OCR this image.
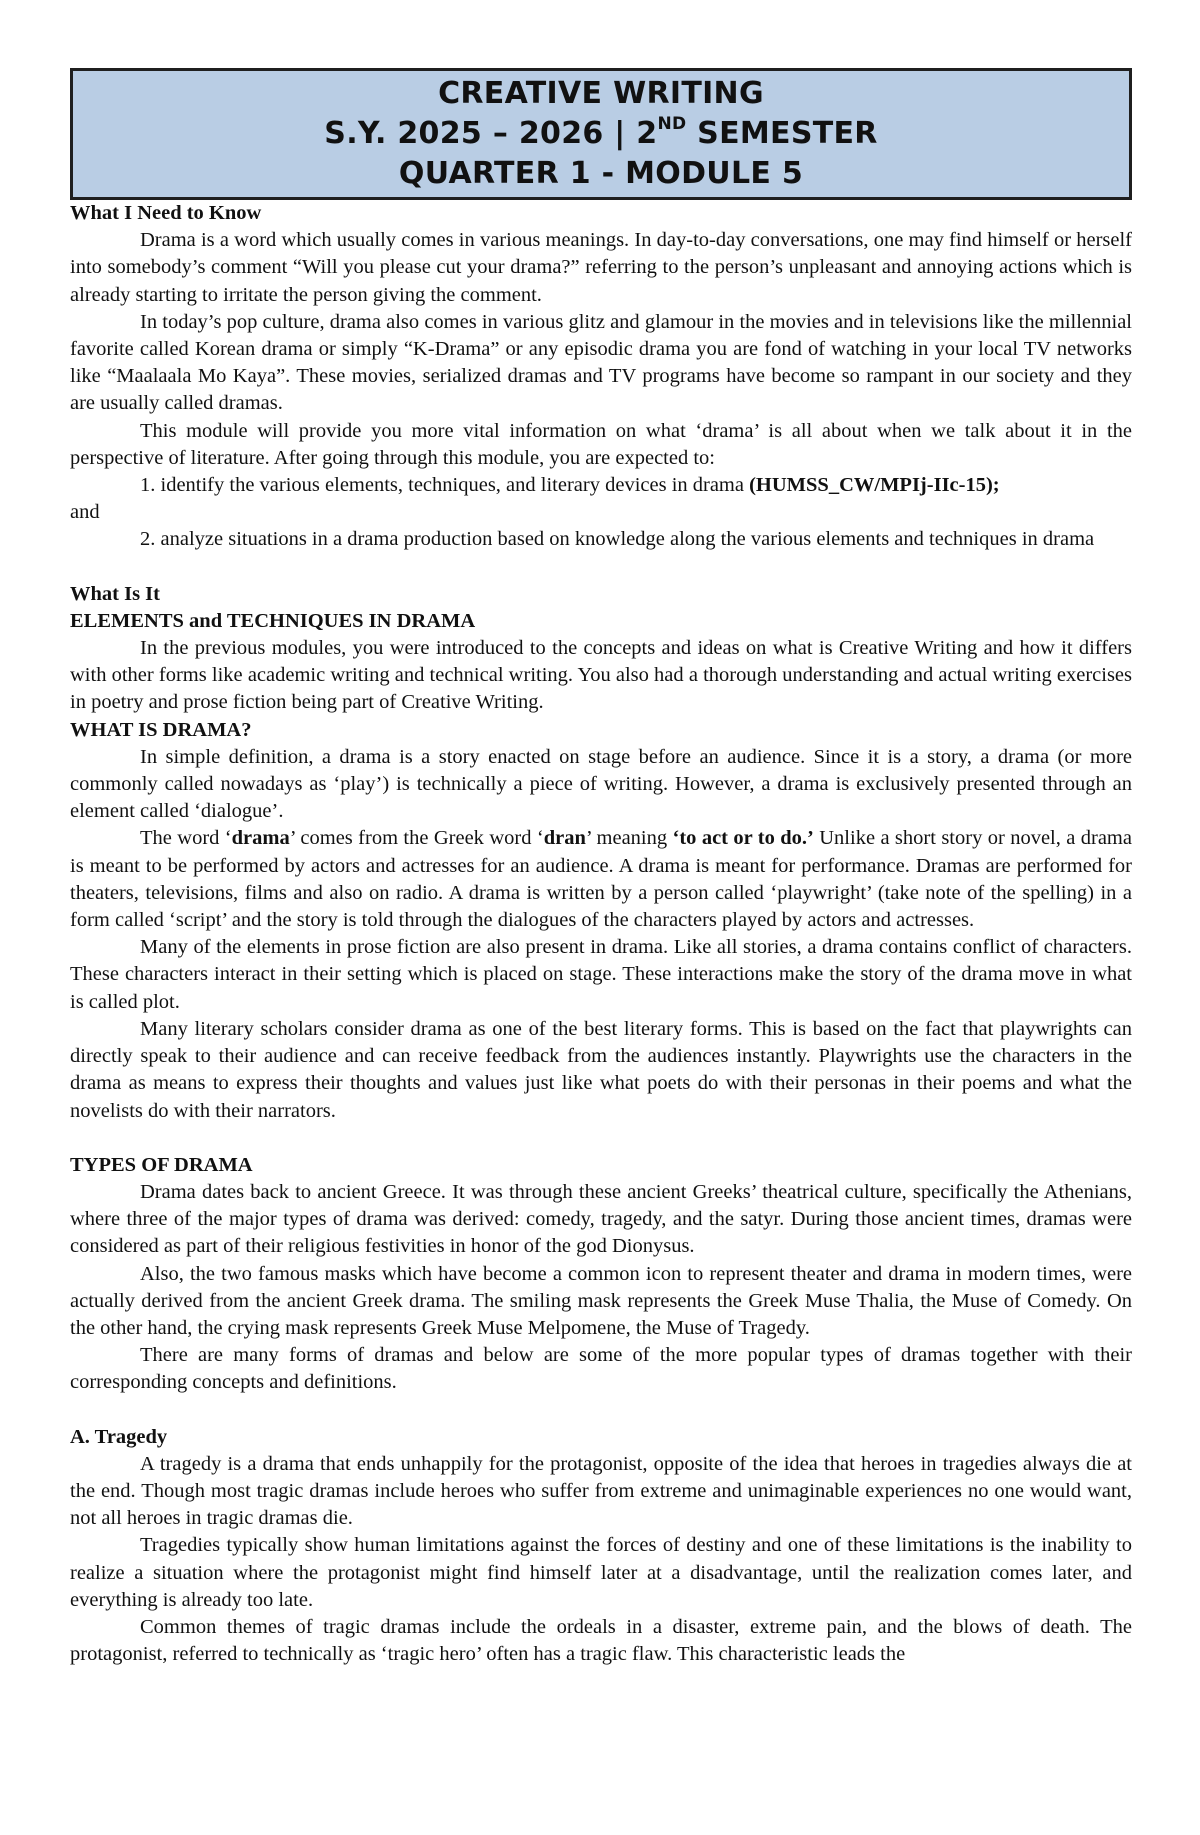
CREATIVE WRITING
S.Y. 2025 – 2026 | 2ND SEMESTER
QUARTER 1 - MODULE 5
What I Need to Know

Drama is a word which usually comes in various meanings. In day-to-day conversations, one may find himself or herself into somebody’s comment “Will you please cut your drama?” referring to the person’s unpleasant and annoying actions which is already starting to irritate the person giving the comment.

In today’s pop culture, drama also comes in various glitz and glamour in the movies and in televisions like the millennial favorite called Korean drama or simply “K-Drama” or any episodic drama you are fond of watching in your local TV networks like “Maalaala Mo Kaya”. These movies, serialized dramas and TV programs have become so rampant in our society and they are usually called dramas.

This module will provide you more vital information on what ‘drama’ is all about when we talk about it in the perspective of literature. After going through this module, you are expected to:

1. identify the various elements, techniques, and literary devices in drama (HUMSS_CW/MPIj-IIc-15);
and

2. analyze situations in a drama production based on knowledge along the various elements and techniques in drama

What Is It
ELEMENTS and TECHNIQUES IN DRAMA

In the previous modules, you were introduced to the concepts and ideas on what is Creative Writing and how it differs with other forms like academic writing and technical writing. You also had a thorough understanding and actual writing exercises in poetry and prose fiction being part of Creative Writing.

WHAT IS DRAMA?

In simple definition, a drama is a story enacted on stage before an audience. Since it is a story, a drama (or more commonly called nowadays as ‘play’) is technically a piece of writing. However, a drama is exclusively presented through an element called ‘dialogue’.

The word ‘drama’ comes from the Greek word ‘dran’ meaning ‘to act or to do.’ Unlike a short story or novel, a drama is meant to be performed by actors and actresses for an audience. A drama is meant for performance. Dramas are performed for theaters, televisions, films and also on radio. A drama is written by a person called ‘playwright’ (take note of the spelling) in a form called ‘script’ and the story is told through the dialogues of the characters played by actors and actresses.

Many of the elements in prose fiction are also present in drama. Like all stories, a drama contains conflict of characters. These characters interact in their setting which is placed on stage. These interactions make the story of the drama move in what is called plot.

Many literary scholars consider drama as one of the best literary forms. This is based on the fact that playwrights can directly speak to their audience and can receive feedback from the audiences instantly. Playwrights use the characters in the drama as means to express their thoughts and values just like what poets do with their personas in their poems and what the novelists do with their narrators.

TYPES OF DRAMA

Drama dates back to ancient Greece. It was through these ancient Greeks’ theatrical culture, specifically the Athenians, where three of the major types of drama was derived: comedy, tragedy, and the satyr. During those ancient times, dramas were considered as part of their religious festivities in honor of the god Dionysus.

Also, the two famous masks which have become a common icon to represent theater and drama in modern times, were actually derived from the ancient Greek drama. The smiling mask represents the Greek Muse Thalia, the Muse of Comedy. On the other hand, the crying mask represents Greek Muse Melpomene, the Muse of Tragedy.

There are many forms of dramas and below are some of the more popular types of dramas together with their corresponding concepts and definitions.

A. Tragedy

A tragedy is a drama that ends unhappily for the protagonist, opposite of the idea that heroes in tragedies always die at the end. Though most tragic dramas include heroes who suffer from extreme and unimaginable experiences no one would want, not all heroes in tragic dramas die.

Tragedies typically show human limitations against the forces of destiny and one of these limitations is the inability to realize a situation where the protagonist might find himself later at a disadvantage, until the realization comes later, and everything is already too late.

Common themes of tragic dramas include the ordeals in a disaster, extreme pain, and the blows of death. The protagonist, referred to technically as ‘tragic hero’ often has a tragic flaw. This characteristic leads the
